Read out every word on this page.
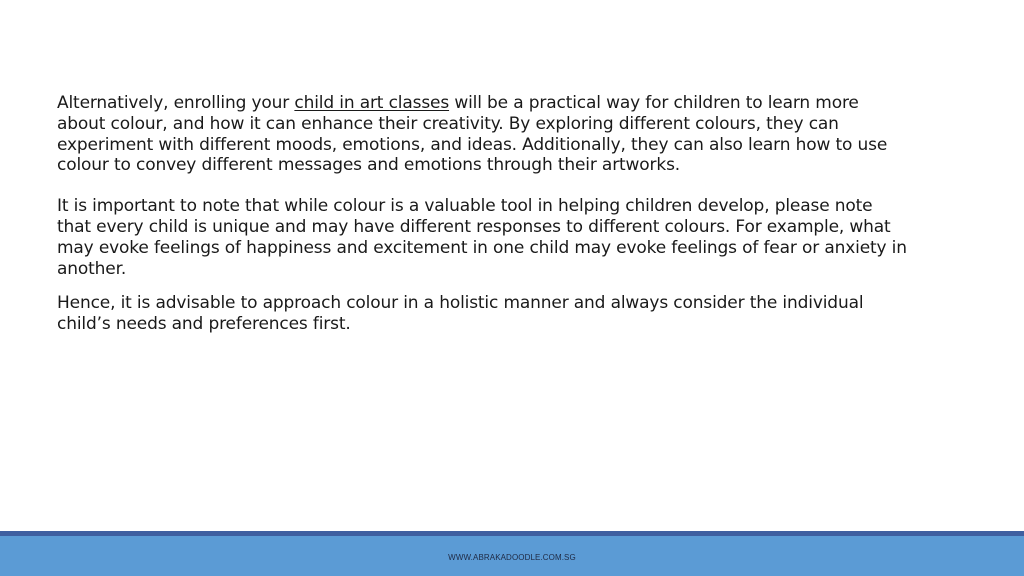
Alternatively, enrolling your child in art classes will be a practical way for children to learn more about colour, and how it can enhance their creativity. By exploring different colours, they can experiment with different moods, emotions, and ideas. Additionally, they can also learn how to use colour to convey different messages and emotions through their artworks.

It is important to note that while colour is a valuable tool in helping children develop, please note that every child is unique and may have different responses to different colours. For example, what may evoke feelings of happiness and excitement in one child may evoke feelings of fear or anxiety in another.

Hence, it is advisable to approach colour in a holistic manner and always consider the individual child’s needs and preferences first.

WWW.ABRAKADOODLE.COM.SG
